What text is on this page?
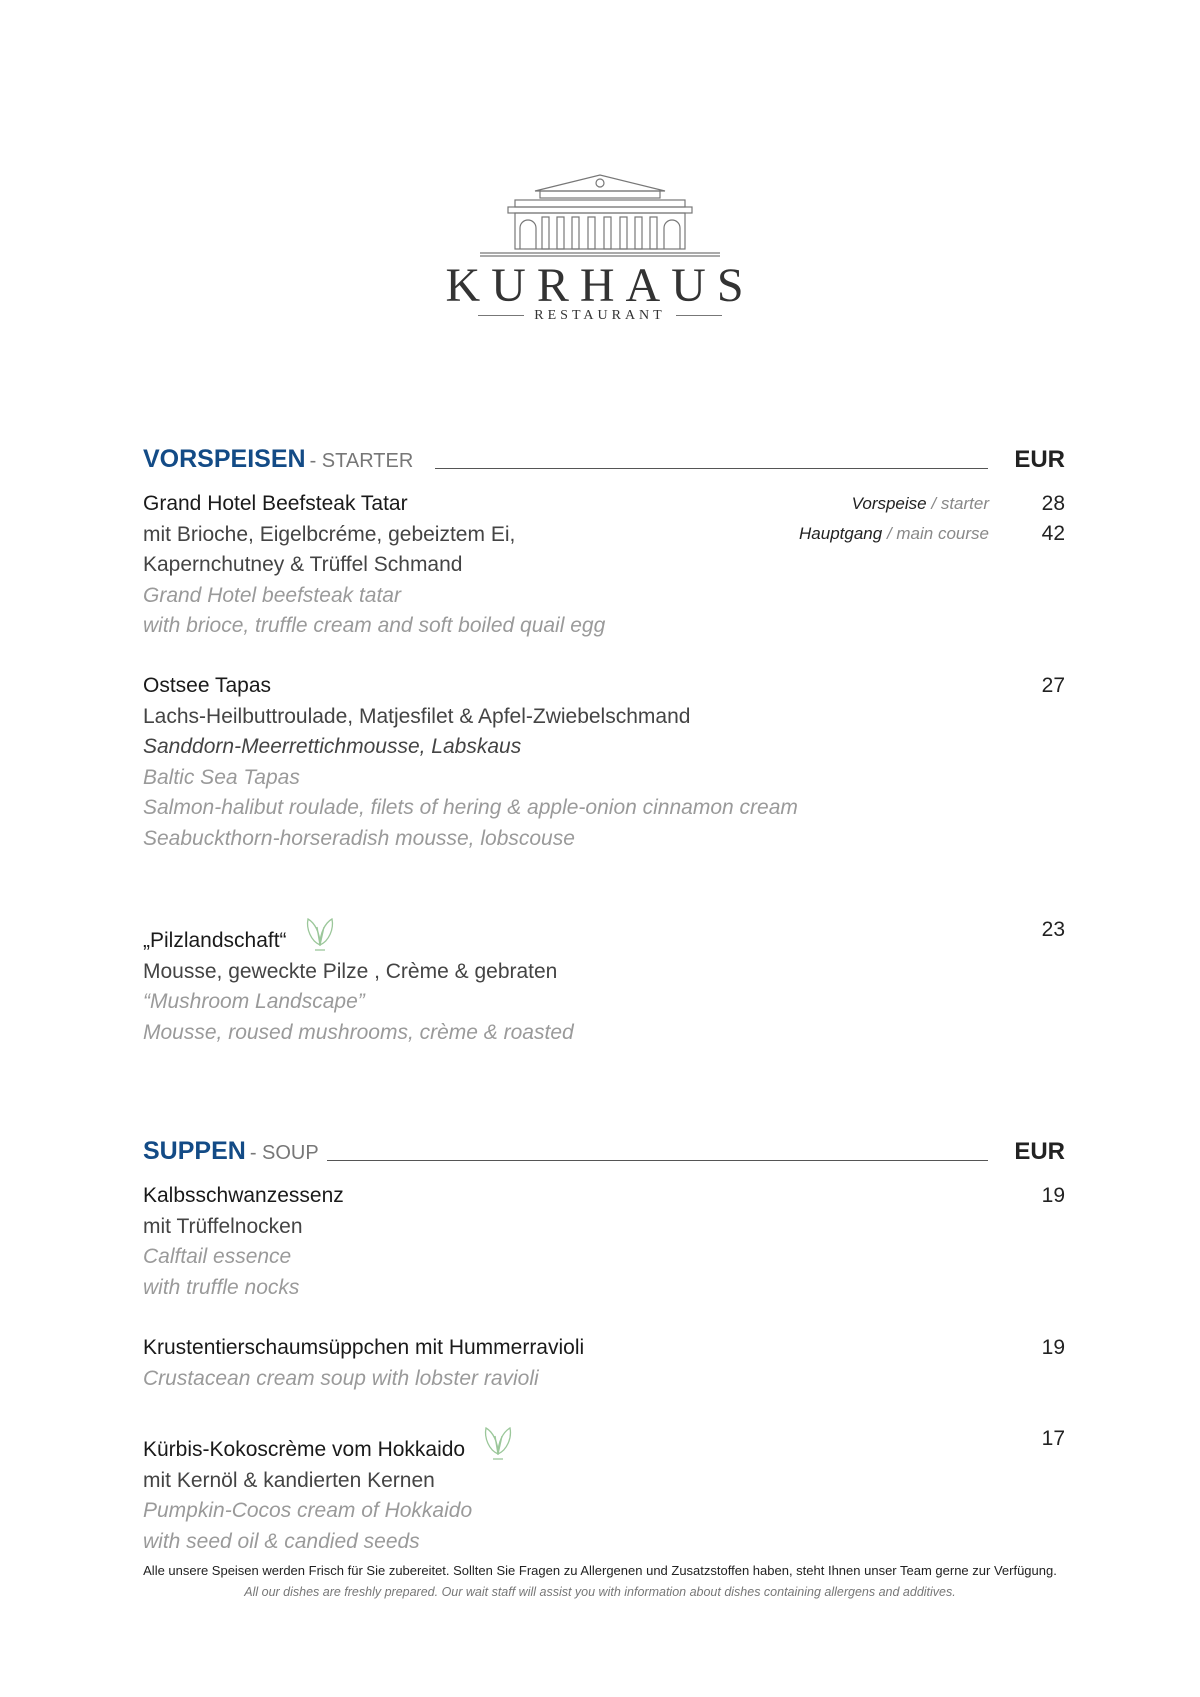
KURHAUS
RESTAURANT
VORSPEISEN - STARTER	EUR
Grand Hotel Beefsteak Tatar
mit Brioche, Eigelbcréme, gebeiztem Ei,
Kapernchutney & Trüffel Schmand
Grand Hotel beefsteak tatar
with brioce, truffle cream and soft boiled quail egg
Vorspeise / starter	28
Hauptgang / main course	42
Ostsee Tapas
Lachs-Heilbuttroulade, Matjesfilet & Apfel-Zwiebelschmand
Sanddorn-Meerrettichmousse, Labskaus
Baltic Sea Tapas
Salmon-halibut roulade, filets of hering & apple-onion cinnamon cream
Seabuckthorn-horseradish mousse, lobscouse
27
„Pilzlandschaft“
Mousse, geweckte Pilze , Crème & gebraten
“Mushroom Landscape”
Mousse, roused mushrooms, crème & roasted
23
SUPPEN - SOUP	EUR
Kalbsschwanzessenz
mit Trüffelnocken
Calftail essence
with truffle nocks
19
Krustentierschaumsüppchen mit Hummerravioli
Crustacean cream soup with lobster ravioli
19
Kürbis-Kokoscrème vom Hokkaido
mit Kernöl & kandierten Kernen
Pumpkin-Cocos cream of Hokkaido
with seed oil & candied seeds
17
Alle unsere Speisen werden Frisch für Sie zubereitet. Sollten Sie Fragen zu Allergenen und Zusatzstoffen haben, steht Ihnen unser Team gerne zur Verfügung.
All our dishes are freshly prepared. Our wait staff will assist you with information about dishes containing allergens and additives.
